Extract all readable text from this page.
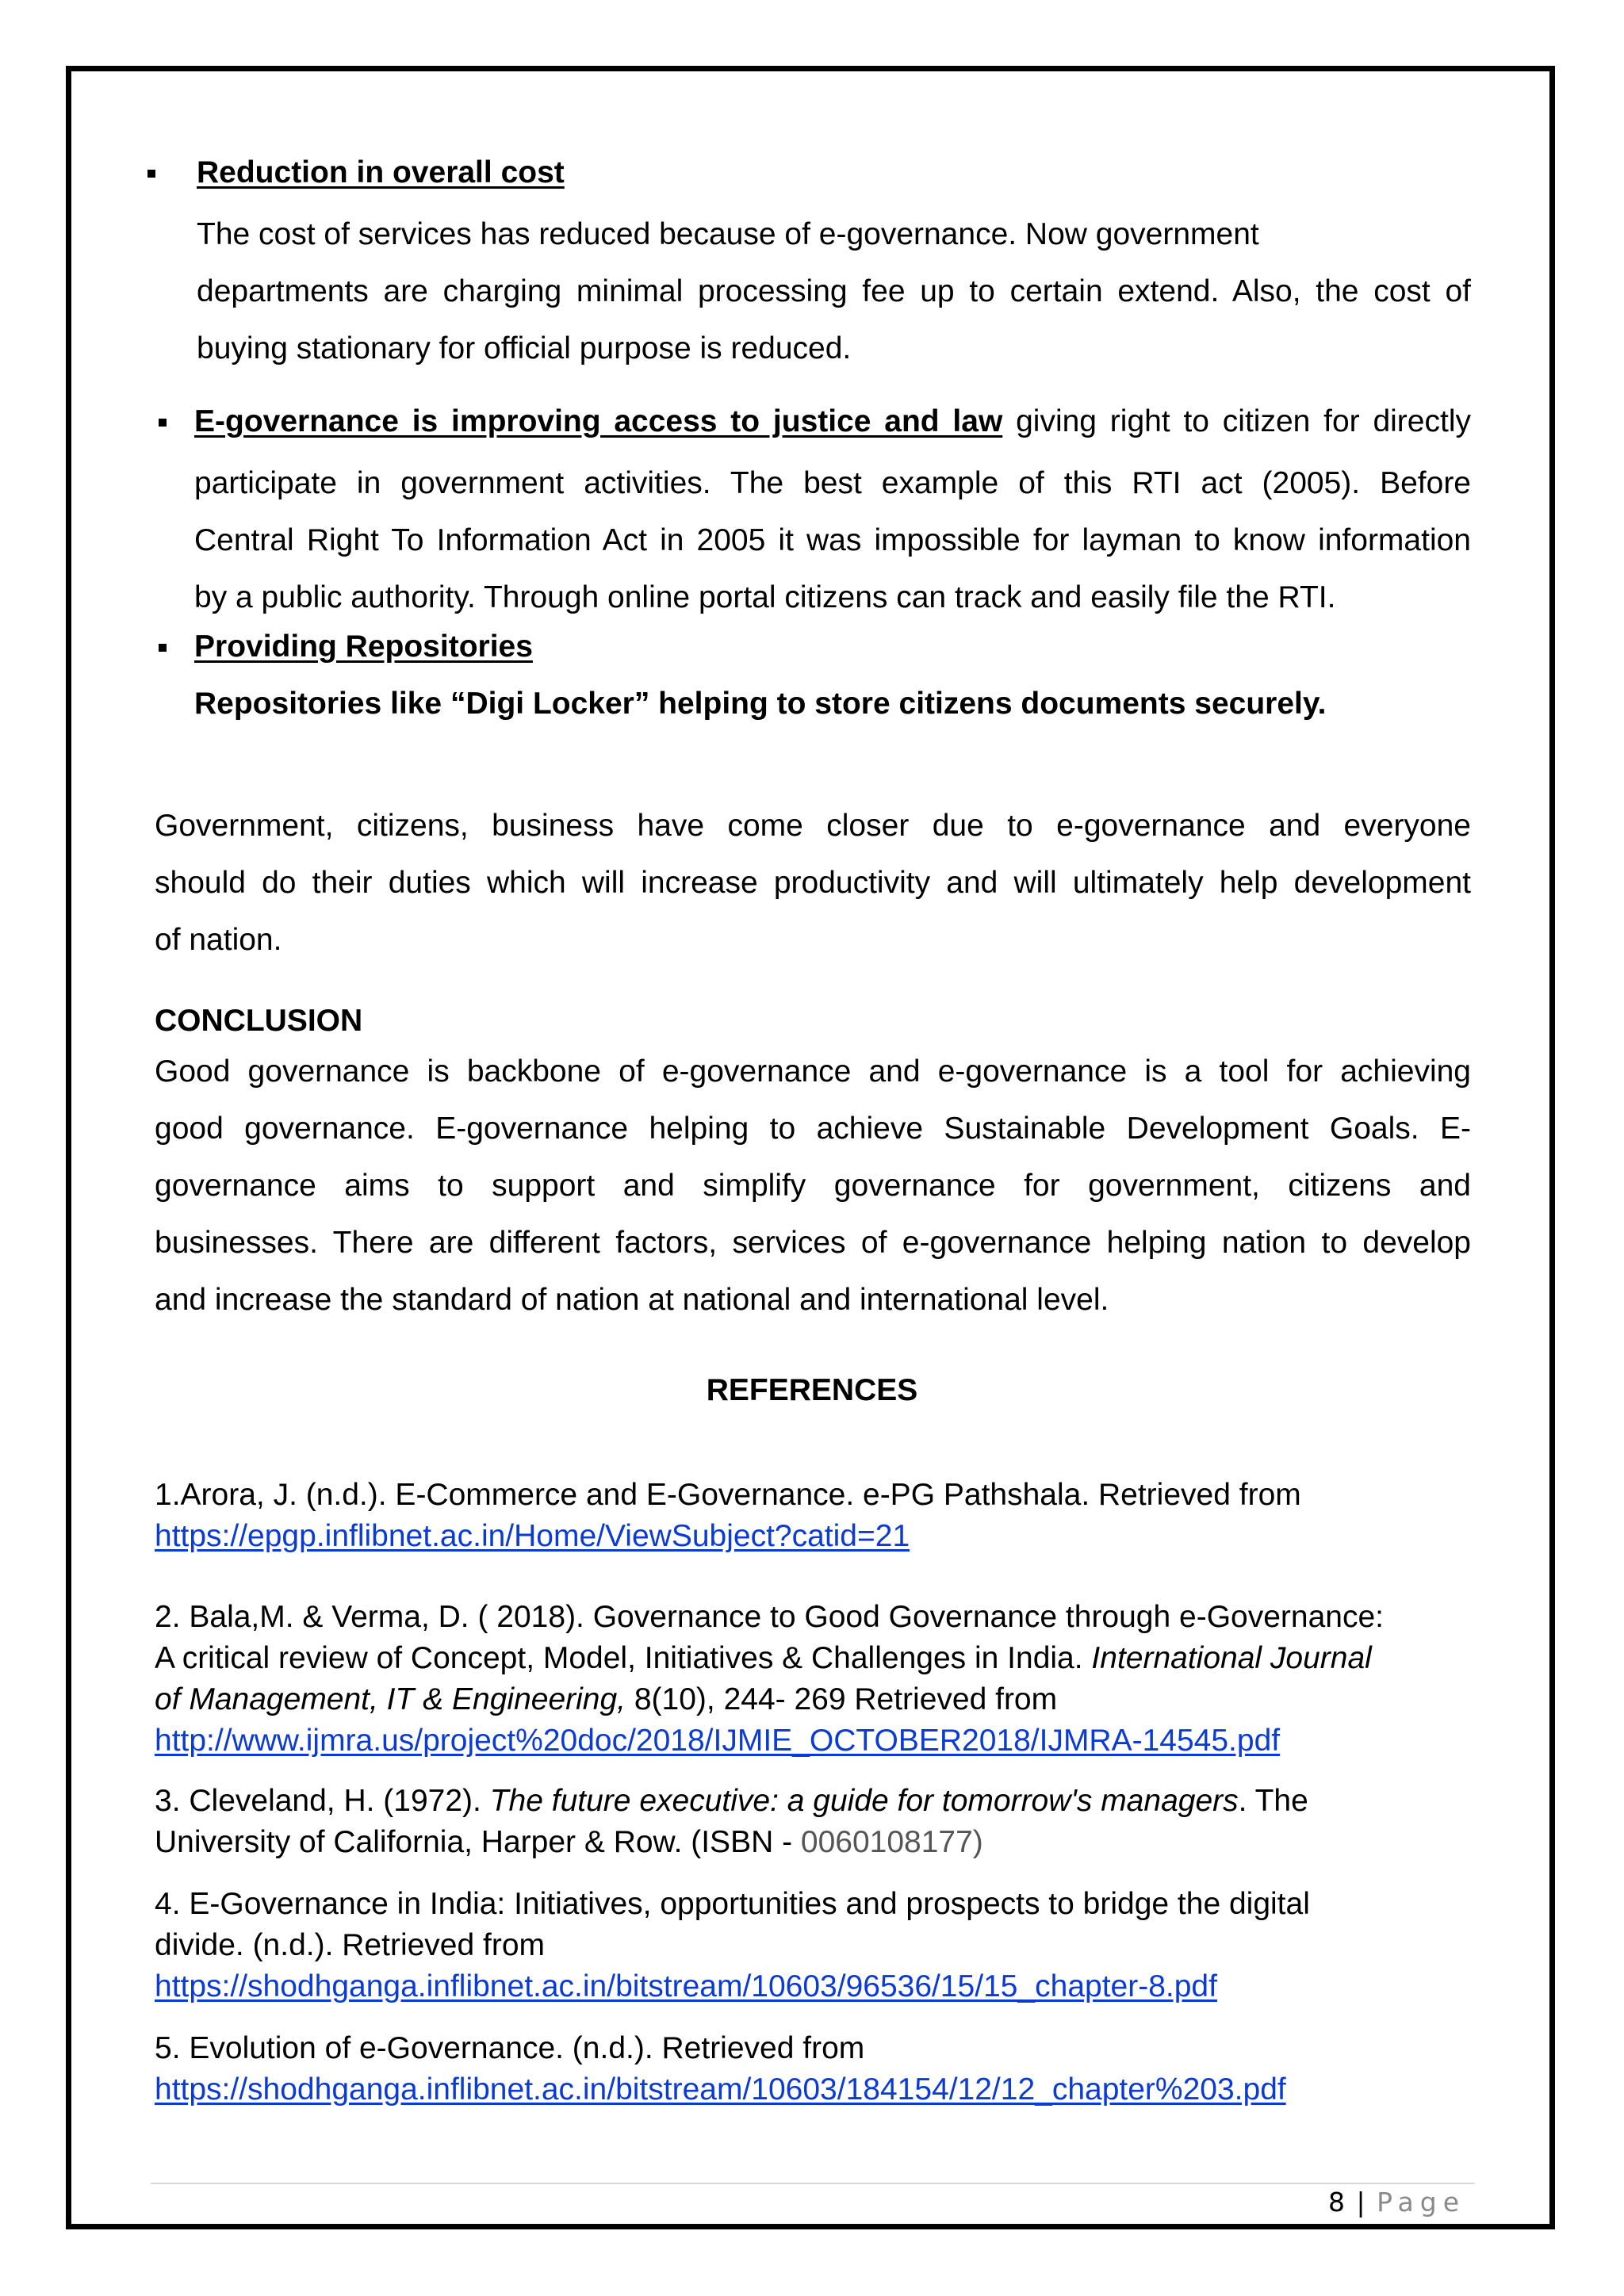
Reduction in overall cost
The cost of services has reduced because of e-governance. Now government
departments are charging minimal processing fee up to certain extend. Also, the cost of
buying stationary for official purpose is reduced.
E-governance is improving access to justice and law giving right to citizen for directly
participate in government activities. The best example of this RTI act (2005). Before
Central Right To Information Act in 2005 it was impossible for layman to know information
by a public authority. Through online portal citizens can track and easily file the RTI.
Providing Repositories
Repositories like “Digi Locker” helping to store citizens documents securely.
Government, citizens, business have come closer due to e-governance and everyone
should do their duties which will increase productivity and will ultimately help development
of nation.
CONCLUSION
Good governance is backbone of e-governance and e-governance is a tool for achieving
good governance. E-governance helping to achieve Sustainable Development Goals. E-
governance aims to support and simplify governance for government, citizens and
businesses. There are different factors, services of e-governance helping nation to develop
and increase the standard of nation at national and international level.
REFERENCES
1.Arora, J. (n.d.). E-Commerce and E-Governance. e-PG Pathshala. Retrieved from
https://epgp.inflibnet.ac.in/Home/ViewSubject?catid=21
2. Bala,M. & Verma, D. ( 2018). Governance to Good Governance through e-Governance:
A critical review of Concept, Model, Initiatives & Challenges in India. International Journal
of Management, IT & Engineering, 8(10), 244- 269 Retrieved from
http://www.ijmra.us/project%20doc/2018/IJMIE_OCTOBER2018/IJMRA-14545.pdf
3. Cleveland, H. (1972). The future executive: a guide for tomorrow's managers. The
University of California, Harper & Row. (ISBN - 0060108177)
4. E-Governance in India: Initiatives, opportunities and prospects to bridge the digital
divide. (n.d.). Retrieved from
https://shodhganga.inflibnet.ac.in/bitstream/10603/96536/15/15_chapter-8.pdf
5. Evolution of e-Governance. (n.d.). Retrieved from
https://shodhganga.inflibnet.ac.in/bitstream/10603/184154/12/12_chapter%203.pdf
8 | Page
